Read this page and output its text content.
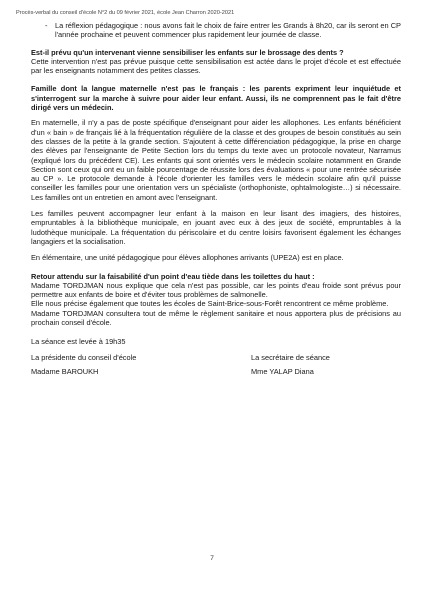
Procès-verbal du conseil d'école N°2 du 09 février 2021, école Jean Charron 2020-2021
-	La réflexion pédagogique : nous avons fait le choix de faire entrer les Grands à 8h20, car ils seront en CP l'année prochaine et peuvent commencer plus rapidement leur journée de classe.
Est-il prévu qu'un intervenant vienne sensibiliser les enfants sur le brossage des dents ?
Cette intervention n'est pas prévue puisque cette sensibilisation est actée dans le projet d'école et est effectuée par les enseignants notamment des petites classes.
Famille dont la langue maternelle n'est pas le français : les parents expriment leur inquiétude et s'interrogent sur la marche à suivre pour aider leur enfant. Aussi, ils ne comprennent pas le fait d'être dirigé vers un médecin.
En maternelle, il n'y a pas de poste spécifique d'enseignant pour aider les allophones. Les enfants bénéficient d'un « bain » de français lié à la fréquentation régulière de la classe et des groupes de besoin constitués au sein des classes de la petite à la grande section. S'ajoutent à cette différenciation pédagogique, la prise en charge des élèves par l'enseignante de Petite Section lors du temps du texte avec un protocole novateur, Narramus (expliqué lors du précédent CE). Les enfants qui sont orientés vers le médecin scolaire notamment en Grande Section sont ceux qui ont eu un faible pourcentage de réussite lors des évaluations « pour une rentrée sécurisée au CP ». Le protocole demande à l'école d'orienter les familles vers le médecin scolaire afin qu'il puisse conseiller les familles pour une orientation vers un spécialiste (orthophoniste, ophtalmologiste…) si nécessaire. Les familles ont un entretien en amont avec l'enseignant.
Les familles peuvent accompagner leur enfant à la maison en leur lisant des imagiers, des histoires, empruntables à la bibliothèque municipale, en jouant avec eux à des jeux de société, empruntables à la ludothèque municipale. La fréquentation du périscolaire et du centre loisirs favorisent également les échanges langagiers et la socialisation.
En élémentaire, une unité pédagogique pour élèves allophones arrivants (UPE2A) est en place.
Retour attendu sur la faisabilité d'un point d'eau tiède dans les toilettes du haut :
Madame TORDJMAN nous explique que cela n'est pas possible, car les points d'eau froide sont prévus pour permettre aux enfants de boire et d'éviter tous problèmes de salmonelle.
Elle nous précise également que toutes les écoles de Saint-Brice-sous-Forêt rencontrent ce même problème.
Madame TORDJMAN consultera tout de même le règlement sanitaire et nous apportera plus de précisions au prochain conseil d'école.
La séance est levée à 19h35
La présidente du conseil d'école	La secrétaire de séance
Madame BAROUKH	Mme YALAP Diana
7
